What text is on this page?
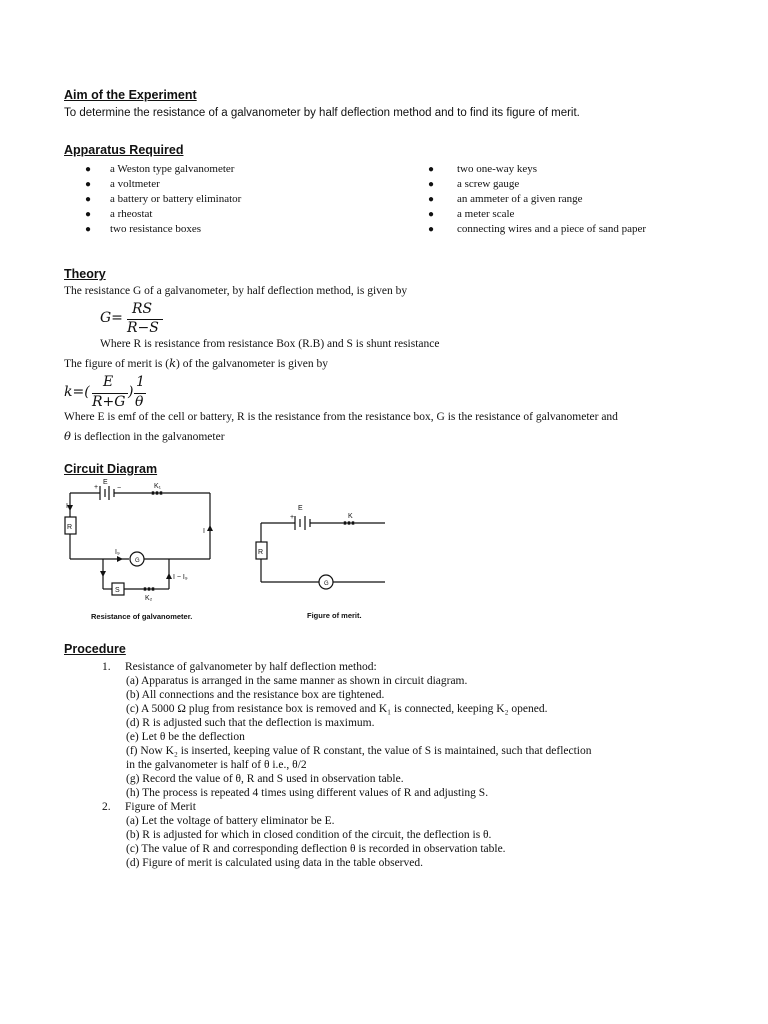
Aim of the Experiment
To determine the resistance of a galvanometer by half deflection method and to find its figure of merit.
Apparatus Required
● a Weston type galvanometer
● a voltmeter
● a battery or battery eliminator
● a rheostat
● two resistance boxes
● two one-way keys
● a screw gauge
● an ammeter of a given range
● a meter scale
● connecting wires and a piece of sand paper
Theory
The resistance G of a galvanometer, by half deflection method, is given by
G=
RS
R−S
Where R is resistance from resistance Box (R.B) and S is shunt resistance
The figure of merit is (k) of the galvanometer is given by
k=(
E
R+G
)
1
θ
Where E is emf of the cell or battery, R is the resistance from the resistance box, G is the resistance of galvanometer and
θ is deflection in the galvanometer
Circuit Diagram
E
+	−	K₁
I
R
I
I₉
G
I − I₉
S
K₂
E
+	K
R
G
Resistance of galvanometer.	Figure of merit.
Procedure
1. Resistance of galvanometer by half deflection method:
(a) Apparatus is arranged in the same manner as shown in circuit diagram.
(b) All connections and the resistance box are tightened.
(c) A 5000 Ω plug from resistance box is removed and K₁ is connected, keeping K₂ opened.
(d) R is adjusted such that the deflection is maximum.
(e) Let θ be the deflection
(f) Now K₂ is inserted, keeping value of R constant, the value of S is maintained, such that deflection
in the galvanometer is half of θ i.e., θ/2
(g) Record the value of θ, R and S used in observation table.
(h) The process is repeated 4 times using different values of R and adjusting S.
2. Figure of Merit
(a) Let the voltage of battery eliminator be E.
(b) R is adjusted for which in closed condition of the circuit, the deflection is θ.
(c) The value of R and corresponding deflection θ is recorded in observation table.
(d) Figure of merit is calculated using data in the table observed.
